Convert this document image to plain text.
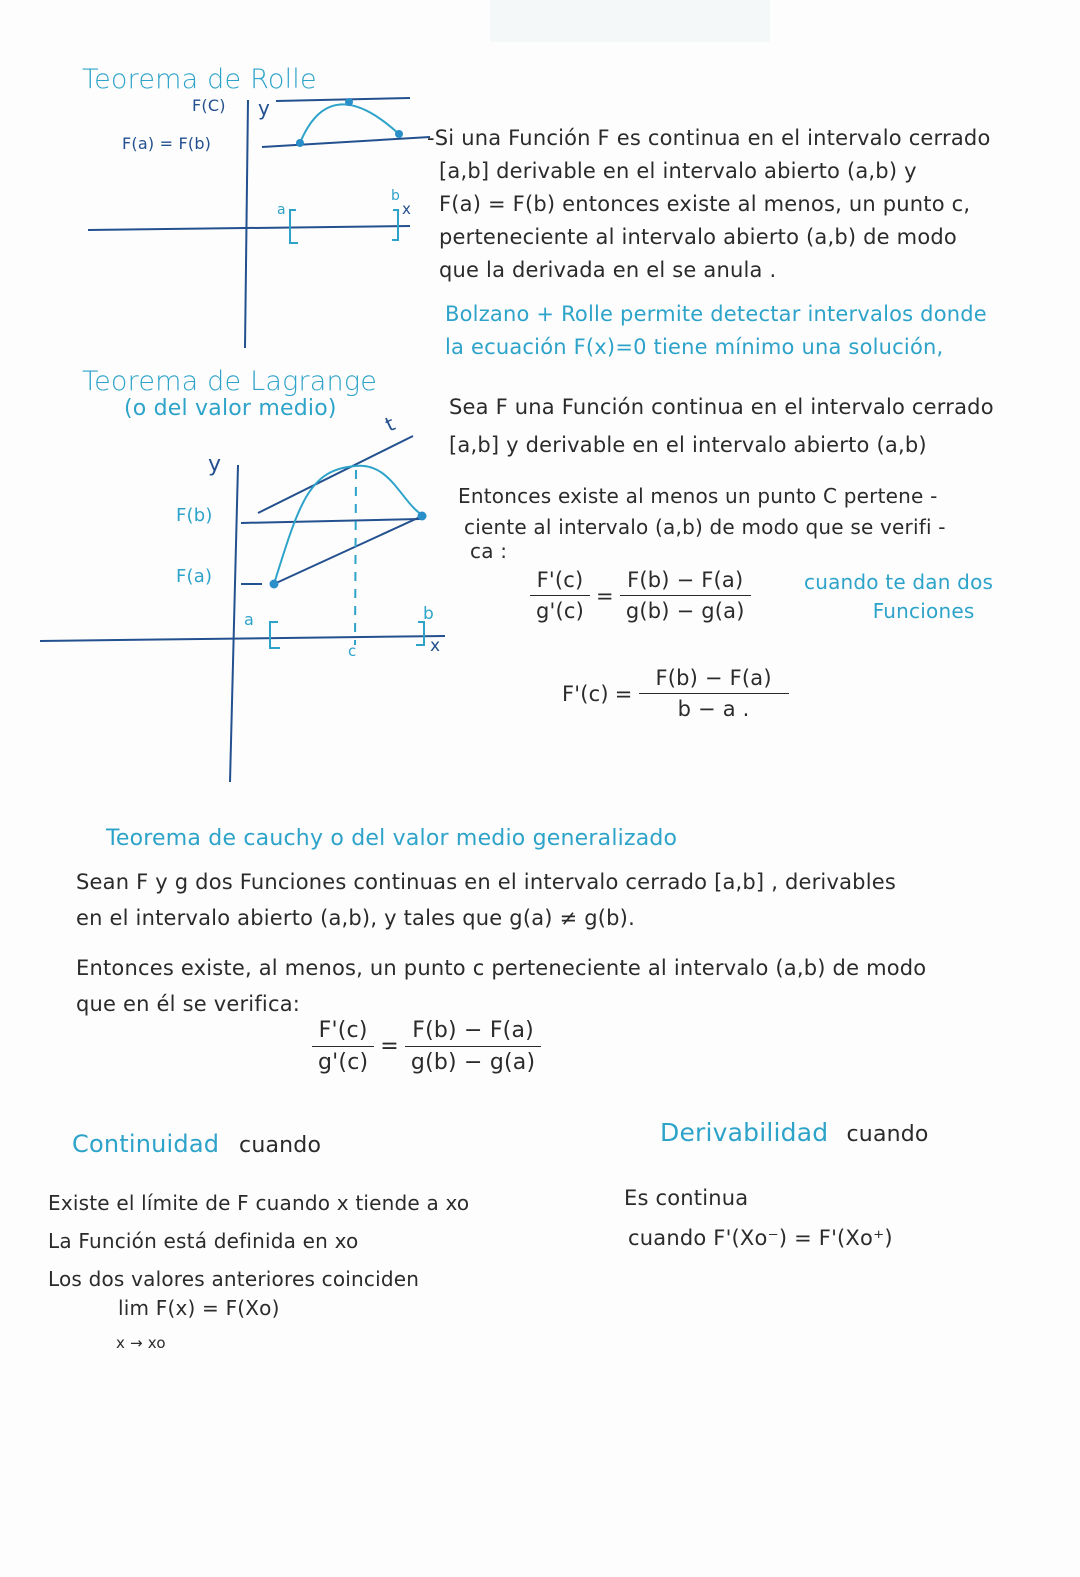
Teorema de Rolle
F(C) y
F(a) = F(b)
a
b
x
-Si una Función F es continua en el intervalo cerrado
[a,b] derivable en el intervalo abierto (a,b) y
F(a) = F(b) entonces existe al menos, un punto c,
perteneciente al intervalo abierto (a,b) de modo
que la derivada en el se anula .
Bolzano + Rolle permite detectar intervalos donde
la ecuación F(x)=0 tiene mínimo una solución,
Teorema de Lagrange
(o del valor medio)
t
y
F(b)
F(a)
a
c
b
x
Sea F una Función continua en el intervalo cerrado
[a,b] y derivable en el intervalo abierto (a,b)
Entonces existe al menos un punto C pertene -
ciente al intervalo (a,b) de modo que se verifi -
ca :
$\frac{F'(c)}{g'(c)} = \frac{F(b) - F(a)}{g(b) - g(a)}$	cuando te dan dos
Funciones
$F'(c) = \frac{F(b) - F(a)}{b - a .}$
Teorema de cauchy o del valor medio generalizado
Sean F y g dos Funciones continuas en el intervalo cerrado [a,b] , derivables
en el intervalo abierto (a,b), y tales que g(a) ≠ g(b).
Entonces existe, al menos, un punto c perteneciente al intervalo (a,b) de modo
que en él se verifica:
$\frac{F'(c)}{g'(c)} = \frac{F(b) - F(a)}{g(b) - g(a)}$
Continuidad cuando
Existe el límite de F cuando x tiende a xo
La Función está definida en xo
Los dos valores anteriores coinciden
lim F(x) = F(Xo)
x → xo
Derivabilidad cuando
Es continua
cuando F'(Xo⁻) = F'(Xo⁺)
